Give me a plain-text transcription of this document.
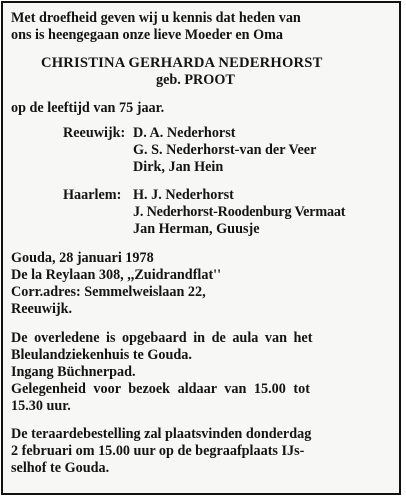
Met droefheid geven wij u kennis dat heden van
ons is heengegaan onze lieve Moeder en Oma
CHRISTINA GERHARDA NEDERHORST
geb. PROOT
op de leeftijd van 75 jaar.
Reeuwijk: D. A. Nederhorst
G. S. Nederhorst-van der Veer
Dirk, Jan Hein
Haarlem: H. J. Nederhorst
J. Nederhorst-Roodenburg Vermaat
Jan Herman, Guusje
Gouda, 28 januari 1978
De la Reylaan 308, ,,Zuidrandflat''
Corr.adres: Semmelweislaan 22,
Reeuwijk.
De overledene is opgebaard in de aula van het
Bleulandziekenhuis te Gouda.
Ingang Büchnerpad.
Gelegenheid voor bezoek aldaar van 15.00 tot
15.30 uur.
De teraardebestelling zal plaatsvinden donderdag
2 februari om 15.00 uur op de begraafplaats IJs-
selhof te Gouda.
